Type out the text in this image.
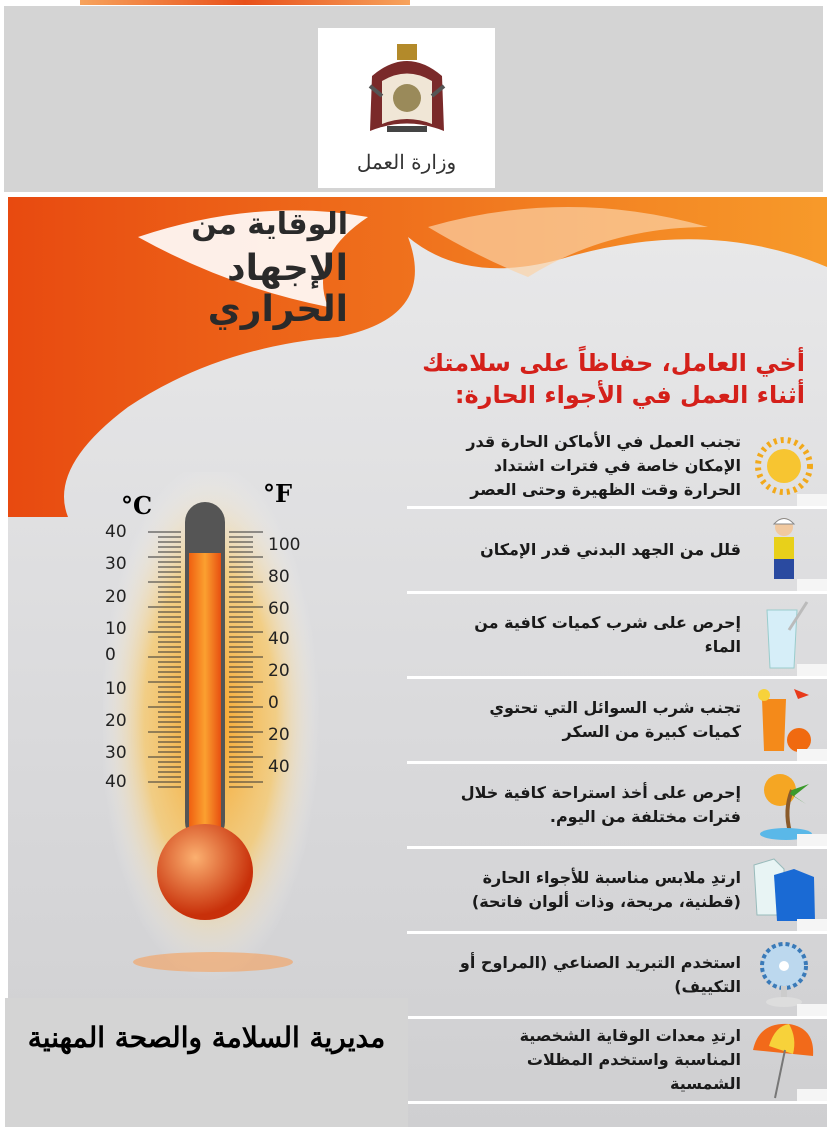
وزارة العمل
الوقاية من
الإجهاد الحراري
أخي العامل، حفاظاً على سلامتك
أثناء العمل في الأجواء الحارة:
تجنب العمل في الأماكن الحارة قدر الإمكان خاصة في فترات اشتداد الحرارة وقت الظهيرة وحتى العصر
قلل من الجهد البدني قدر الإمكان
إحرص على شرب كميات كافية من الماء
تجنب شرب السوائل التي تحتوي كميات كبيرة من السكر
إحرص على أخذ استراحة كافية خلال فترات مختلفة من اليوم.
ارتدِ ملابس مناسبة للأجواء الحارة (قطنية، مريحة، وذات ألوان فاتحة)
استخدم التبريد الصناعي (المراوح أو التكييف)
ارتدِ معدات الوقاية الشخصية المناسبة واستخدم المظلات الشمسية
40
30
20
10
0
10
20
30
40
100
80
60
40
20
0
20
40
°C	°F
مديرية السلامة والصحة المهنية
